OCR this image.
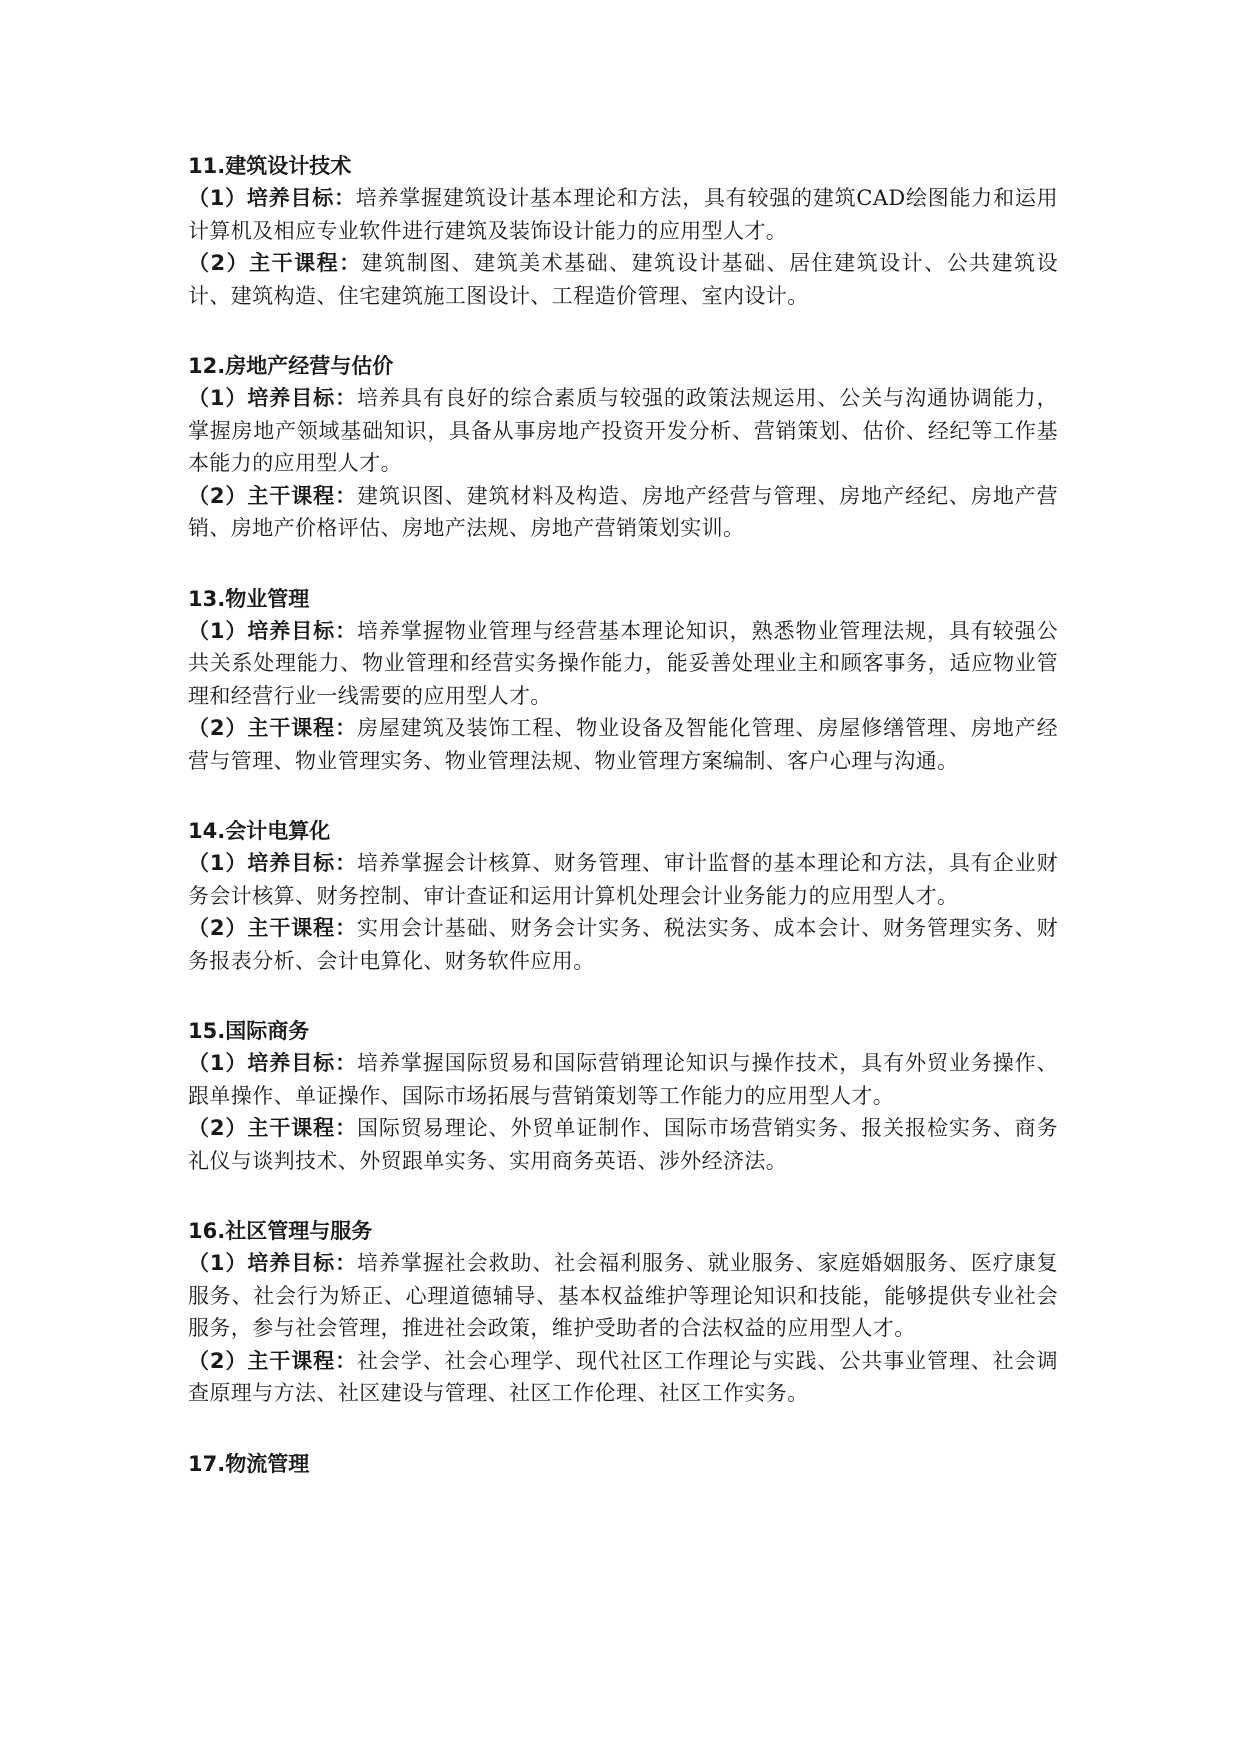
11.建筑设计技术

（1）培养目标：培养掌握建筑设计基本理论和方法，具有较强的建筑CAD绘图能力和运用计算机及相应专业软件进行建筑及装饰设计能力的应用型人才。

（2）主干课程：建筑制图、建筑美术基础、建筑设计基础、居住建筑设计、公共建筑设计、建筑构造、住宅建筑施工图设计、工程造价管理、室内设计。

12.房地产经营与估价

（1）培养目标：培养具有良好的综合素质与较强的政策法规运用、公关与沟通协调能力，掌握房地产领域基础知识，具备从事房地产投资开发分析、营销策划、估价、经纪等工作基本能力的应用型人才。

（2）主干课程：建筑识图、建筑材料及构造、房地产经营与管理、房地产经纪、房地产营销、房地产价格评估、房地产法规、房地产营销策划实训。

13.物业管理

（1）培养目标：培养掌握物业管理与经营基本理论知识，熟悉物业管理法规，具有较强公共关系处理能力、物业管理和经营实务操作能力，能妥善处理业主和顾客事务，适应物业管理和经营行业一线需要的应用型人才。

（2）主干课程：房屋建筑及装饰工程、物业设备及智能化管理、房屋修缮管理、房地产经营与管理、物业管理实务、物业管理法规、物业管理方案编制、客户心理与沟通。

14.会计电算化

（1）培养目标：培养掌握会计核算、财务管理、审计监督的基本理论和方法，具有企业财务会计核算、财务控制、审计查证和运用计算机处理会计业务能力的应用型人才。

（2）主干课程：实用会计基础、财务会计实务、税法实务、成本会计、财务管理实务、财务报表分析、会计电算化、财务软件应用。

15.国际商务

（1）培养目标：培养掌握国际贸易和国际营销理论知识与操作技术，具有外贸业务操作、跟单操作、单证操作、国际市场拓展与营销策划等工作能力的应用型人才。

（2）主干课程：国际贸易理论、外贸单证制作、国际市场营销实务、报关报检实务、商务礼仪与谈判技术、外贸跟单实务、实用商务英语、涉外经济法。

16.社区管理与服务

（1）培养目标：培养掌握社会救助、社会福利服务、就业服务、家庭婚姻服务、医疗康复服务、社会行为矫正、心理道德辅导、基本权益维护等理论知识和技能，能够提供专业社会服务，参与社会管理，推进社会政策，维护受助者的合法权益的应用型人才。

（2）主干课程：社会学、社会心理学、现代社区工作理论与实践、公共事业管理、社会调查原理与方法、社区建设与管理、社区工作伦理、社区工作实务。

17.物流管理
